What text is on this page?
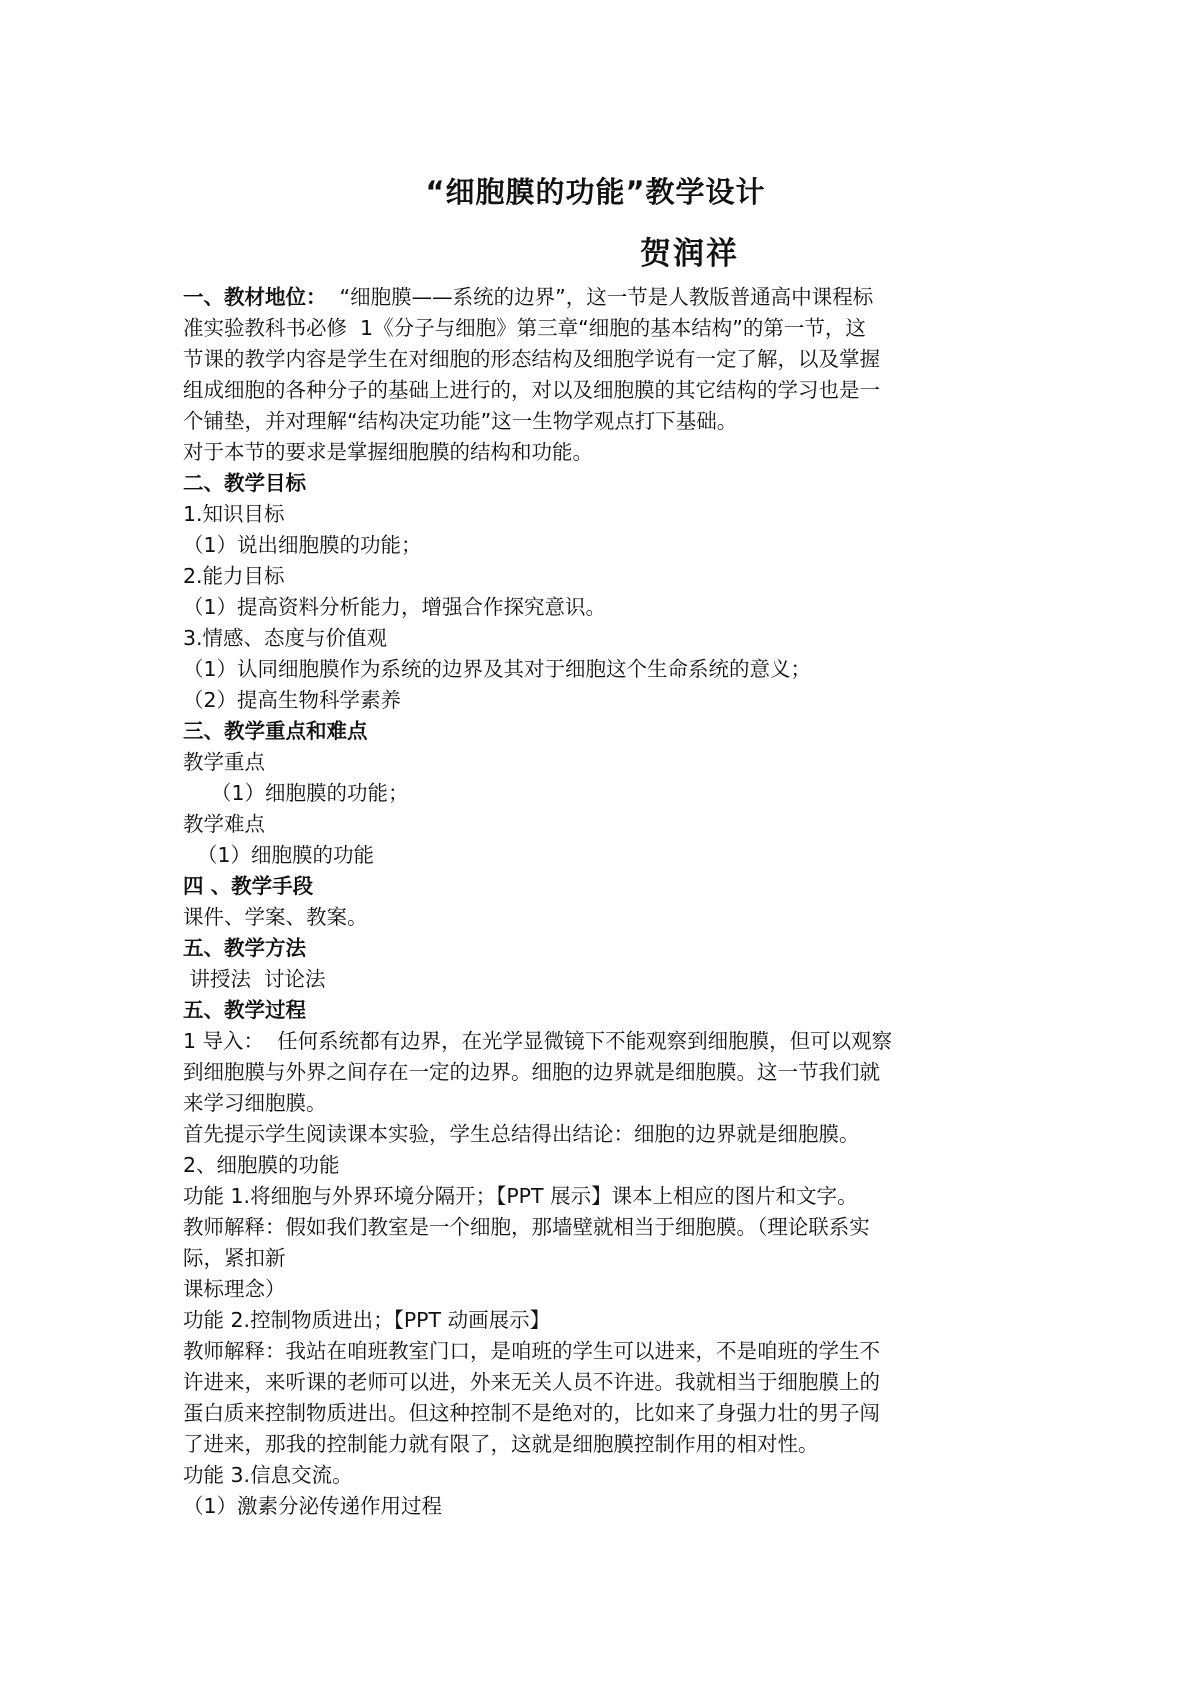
“细胞膜的功能”教学设计
贺润祥

一、教材地位：  “细胞膜——系统的边界”，这一节是人教版普通高中课程标

准实验教科书必修  1《分子与细胞》第三章“细胞的基本结构”的第一节，这

节课的教学内容是学生在对细胞的形态结构及细胞学说有一定了解，以及掌握

组成细胞的各种分子的基础上进行的，对以及细胞膜的其它结构的学习也是一

个铺垫，并对理解“结构决定功能”这一生物学观点打下基础。

对于本节的要求是掌握细胞膜的结构和功能。

二、教学目标

1.知识目标

（1）说出细胞膜的功能；

2.能力目标

（1）提高资料分析能力，增强合作探究意识。

3.情感、态度与价值观

（1）认同细胞膜作为系统的边界及其对于细胞这个生命系统的意义；

（2）提高生物科学素养

三、教学重点和难点

教学重点

（1）细胞膜的功能；

教学难点

（1）细胞膜的功能

四 、教学手段

课件、学案、教案。

五、教学方法

讲授法  讨论法

五、教学过程

1 导入：  任何系统都有边界，在光学显微镜下不能观察到细胞膜，但可以观察

到细胞膜与外界之间存在一定的边界。细胞的边界就是细胞膜。这一节我们就

来学习细胞膜。

首先提示学生阅读课本实验，学生总结得出结论：细胞的边界就是细胞膜。

2、细胞膜的功能

功能 1.将细胞与外界环境分隔开；【PPT 展示】课本上相应的图片和文字。

教师解释：假如我们教室是一个细胞，那墙壁就相当于细胞膜。（理论联系实

际，紧扣新

课标理念）

功能 2.控制物质进出；【PPT 动画展示】

教师解释：我站在咱班教室门口，是咱班的学生可以进来，不是咱班的学生不

许进来，来听课的老师可以进，外来无关人员不许进。我就相当于细胞膜上的

蛋白质来控制物质进出。但这种控制不是绝对的，比如来了身强力壮的男子闯

了进来，那我的控制能力就有限了，这就是细胞膜控制作用的相对性。

功能 3.信息交流。

（1）激素分泌传递作用过程
